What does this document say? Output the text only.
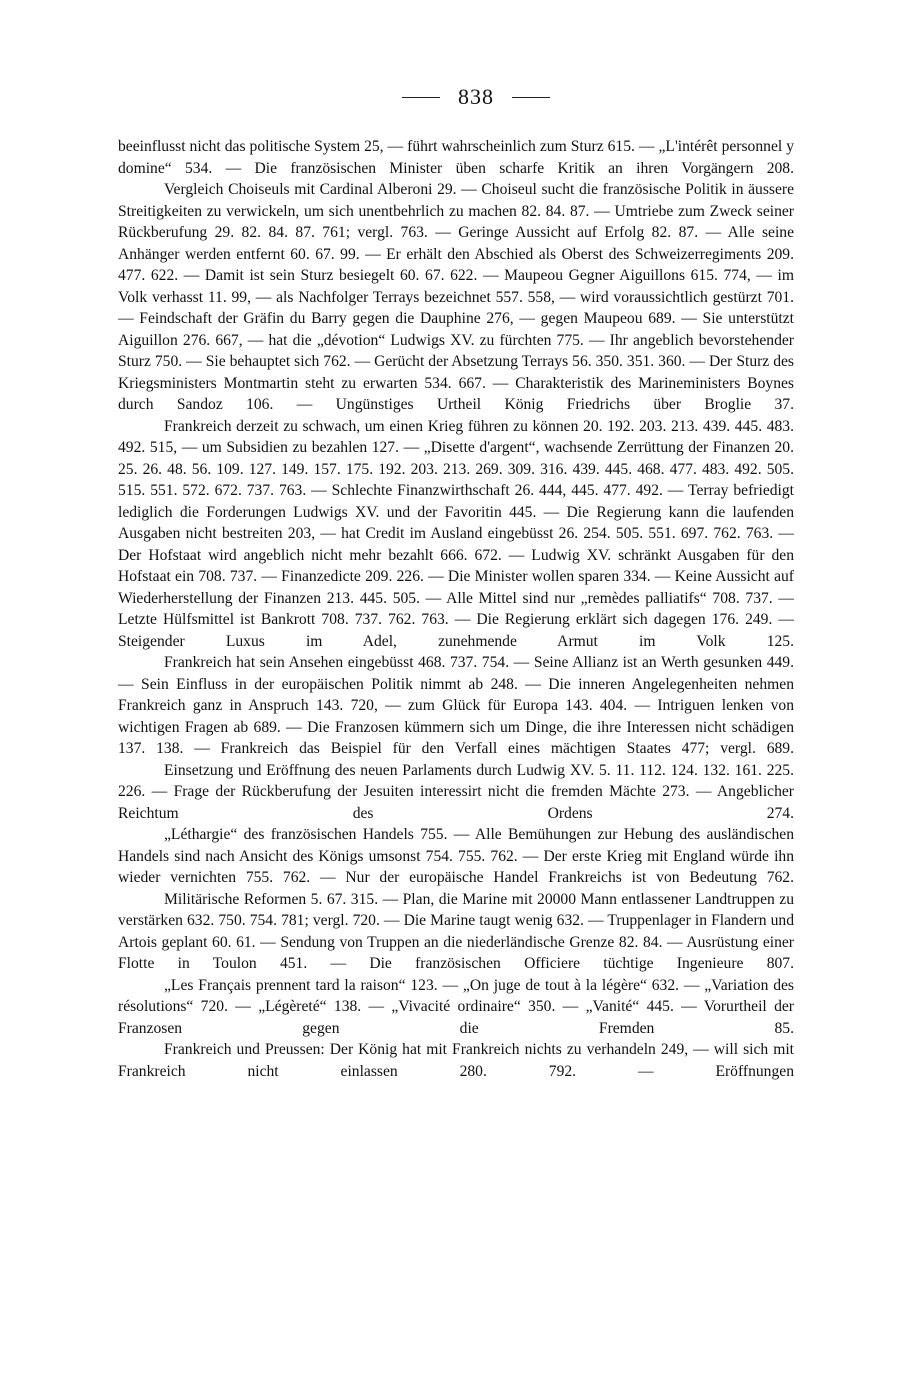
838

beeinflusst nicht das politische System 25, — führt wahrscheinlich zum Sturz 615. — „L'intérêt personnel y domine“ 534. — Die französischen Minister üben scharfe Kritik an ihren Vorgängern 208.

Vergleich Choiseuls mit Cardinal Alberoni 29. — Choiseul sucht die französische Politik in äussere Streitigkeiten zu verwickeln, um sich unentbehrlich zu machen 82. 84. 87. — Umtriebe zum Zweck seiner Rückberufung 29. 82. 84. 87. 761; vergl. 763. — Geringe Aussicht auf Erfolg 82. 87. — Alle seine Anhänger werden entfernt 60. 67. 99. — Er erhält den Abschied als Oberst des Schweizerregiments 209. 477. 622. — Damit ist sein Sturz besiegelt 60. 67. 622. — Maupeou Gegner Aiguillons 615. 774, — im Volk verhasst 11. 99, — als Nachfolger Terrays bezeichnet 557. 558, — wird voraussichtlich gestürzt 701. — Feindschaft der Gräfin du Barry gegen die Dauphine 276, — gegen Maupeou 689. — Sie unterstützt Aiguillon 276. 667, — hat die „dévotion“ Ludwigs XV. zu fürchten 775. — Ihr angeblich bevorstehender Sturz 750. — Sie behauptet sich 762. — Gerücht der Absetzung Terrays 56. 350. 351. 360. — Der Sturz des Kriegsministers Montmartin steht zu erwarten 534. 667. — Charakteristik des Marineministers Boynes durch Sandoz 106. — Ungünstiges Urtheil König Friedrichs über Broglie 37.

Frankreich derzeit zu schwach, um einen Krieg führen zu können 20. 192. 203. 213. 439. 445. 483. 492. 515, — um Subsidien zu bezahlen 127. — „Disette d'argent“, wachsende Zerrüttung der Finanzen 20. 25. 26. 48. 56. 109. 127. 149. 157. 175. 192. 203. 213. 269. 309. 316. 439. 445. 468. 477. 483. 492. 505. 515. 551. 572. 672. 737. 763. — Schlechte Finanzwirthschaft 26. 444, 445. 477. 492. — Terray befriedigt lediglich die Forderungen Ludwigs XV. und der Favoritin 445. — Die Regierung kann die laufenden Ausgaben nicht bestreiten 203, — hat Credit im Ausland eingebüsst 26. 254. 505. 551. 697. 762. 763. — Der Hofstaat wird angeblich nicht mehr bezahlt 666. 672. — Ludwig XV. schränkt Ausgaben für den Hofstaat ein 708. 737. — Finanzedicte 209. 226. — Die Minister wollen sparen 334. — Keine Aussicht auf Wiederherstellung der Finanzen 213. 445. 505. — Alle Mittel sind nur „remèdes palliatifs“ 708. 737. — Letzte Hülfsmittel ist Bankrott 708. 737. 762. 763. — Die Regierung erklärt sich dagegen 176. 249. — Steigender Luxus im Adel, zunehmende Armut im Volk 125.

Frankreich hat sein Ansehen eingebüsst 468. 737. 754. — Seine Allianz ist an Werth gesunken 449. — Sein Einfluss in der europäischen Politik nimmt ab 248. — Die inneren Angelegenheiten nehmen Frankreich ganz in Anspruch 143. 720, — zum Glück für Europa 143. 404. — Intriguen lenken von wichtigen Fragen ab 689. — Die Franzosen kümmern sich um Dinge, die ihre Interessen nicht schädigen 137. 138. — Frankreich das Beispiel für den Verfall eines mächtigen Staates 477; vergl. 689.

Einsetzung und Eröffnung des neuen Parlaments durch Ludwig XV. 5. 11. 112. 124. 132. 161. 225. 226. — Frage der Rückberufung der Jesuiten interessirt nicht die fremden Mächte 273. — Angeblicher Reichtum des Ordens 274.

„Léthargie“ des französischen Handels 755. — Alle Bemühungen zur Hebung des ausländischen Handels sind nach Ansicht des Königs umsonst 754. 755. 762. — Der erste Krieg mit England würde ihn wieder vernichten 755. 762. — Nur der europäische Handel Frankreichs ist von Bedeutung 762.

Militärische Reformen 5. 67. 315. — Plan, die Marine mit 20000 Mann entlassener Landtruppen zu verstärken 632. 750. 754. 781; vergl. 720. — Die Marine taugt wenig 632. — Truppenlager in Flandern und Artois geplant 60. 61. — Sendung von Truppen an die niederländische Grenze 82. 84. — Ausrüstung einer Flotte in Toulon 451. — Die französischen Officiere tüchtige Ingenieure 807.

„Les Français prennent tard la raison“ 123. — „On juge de tout à la légère“ 632. — „Variation des résolutions“ 720. — „Légèreté“ 138. — „Vivacité ordinaire“ 350. — „Vanité“ 445. — Vorurtheil der Franzosen gegen die Fremden 85.

Frankreich und Preussen: Der König hat mit Frankreich nichts zu verhandeln 249, — will sich mit Frankreich nicht einlassen 280. 792. — Eröffnungen
